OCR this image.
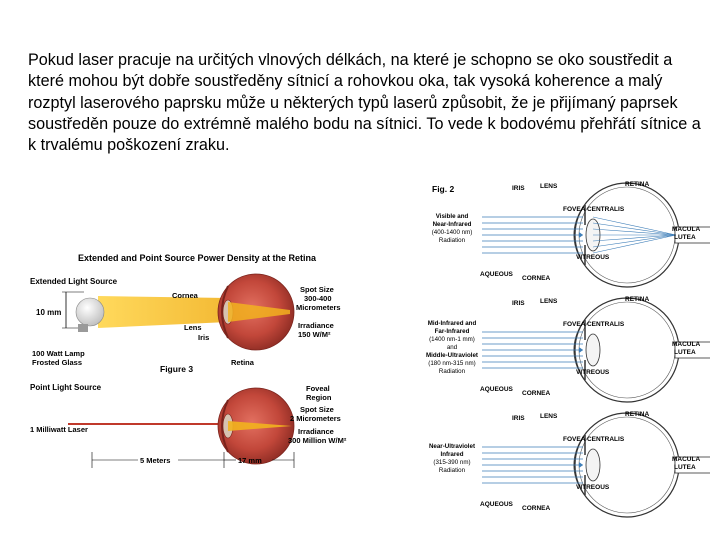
Pokud laser pracuje na určitých vlnových délkách, na které je schopno se oko soustředit a které mohou být dobře soustředěny sítnicí a rohovkou oka, tak vysoká koherence a malý rozptyl laserového paprsku může u některých typů laserů způsobit, že je přijímaný paprsek soustředěn pouze do extrémně malého bodu na sítnici. To vede k bodovému přehřátí sítnice a k trvalému poškození zraku.

Extended and Point Source Power Density at the Retina
Extended Light Source
10 mm
100 Watt Lamp
Frosted Glass
Cornea
Lens
Iris
Retina
Spot Size
300-400
Micrometers
Irradiance
150 W/M²
Figure 3
Point Light Source
1 Milliwatt Laser
Foveal
Region
Spot Size
2 Micrometers
Irradiance
300 Million W/M²
5 Meters	17 mm
Fig. 2	IRIS LENS	RETINA
FOVEA CENTRALIS
MACULA
LUTEA
VITREOUS
AQUEOUS
CORNEA
Visible and
Near-Infrared
(400-1400 nm)
Radiation
IRIS LENS	RETINA
FOVEA CENTRALIS
MACULA
LUTEA
VITREOUS
AQUEOUS
CORNEA
Mid-Infrared and
Far-Infrared
(1400 nm-1 mm)
and
Middle-Ultraviolet
(180 nm-315 nm)
Radiation
IRIS LENS	RETINA
FOVEA CENTRALIS
MACULA
LUTEA
VITREOUS
AQUEOUS
CORNEA
Near-Ultraviolet
Infrared
(315-390 nm)
Radiation
